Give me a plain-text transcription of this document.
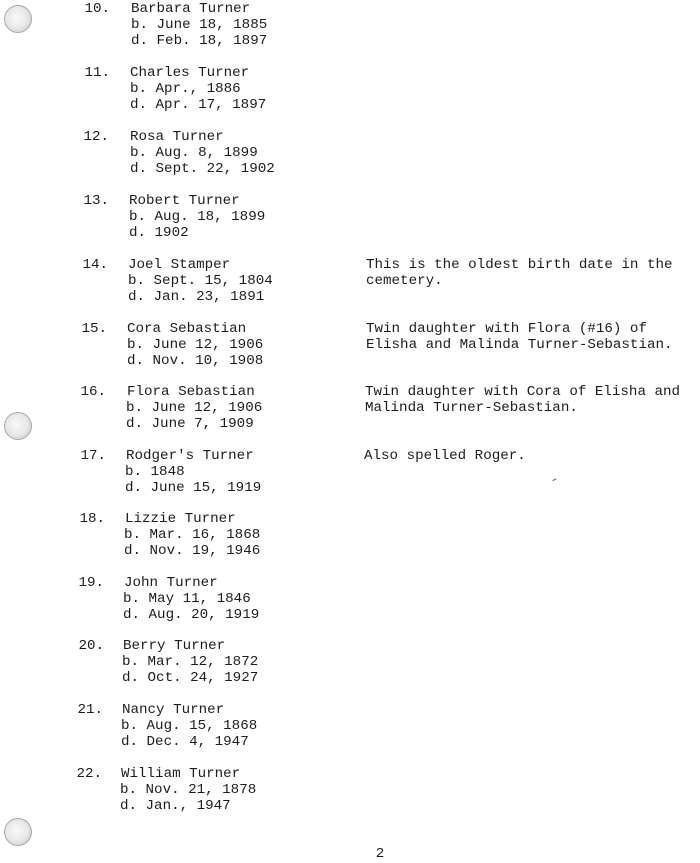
10. Barbara Turner
b. June 18, 1885
d. Feb. 18, 1897
11. Charles Turner
b. Apr., 1886
d. Apr. 17, 1897
12. Rosa Turner
b. Aug. 8, 1899
d. Sept. 22, 1902
13. Robert Turner
b. Aug. 18, 1899
d. 1902
14. Joel Stamper
b. Sept. 15, 1804
d. Jan. 23, 1891
This is the oldest birth date in the
cemetery.
15. Cora Sebastian
b. June 12, 1906
d. Nov. 10, 1908
Twin daughter with Flora (#16) of
Elisha and Malinda Turner-Sebastian.
16. Flora Sebastian
b. June 12, 1906
d. June 7, 1909
Twin daughter with Cora of Elisha and
Malinda Turner-Sebastian.
17. Rodger's Turner
b. 1848
d. June 15, 1919
Also spelled Roger.
18. Lizzie Turner
b. Mar. 16, 1868
d. Nov. 19, 1946
19. John Turner
b. May 11, 1846
d. Aug. 20, 1919
20. Berry Turner
b. Mar. 12, 1872
d. Oct. 24, 1927
21. Nancy Turner
b. Aug. 15, 1868
d. Dec. 4, 1947
22. William Turner
b. Nov. 21, 1878
d. Jan., 1947
2
